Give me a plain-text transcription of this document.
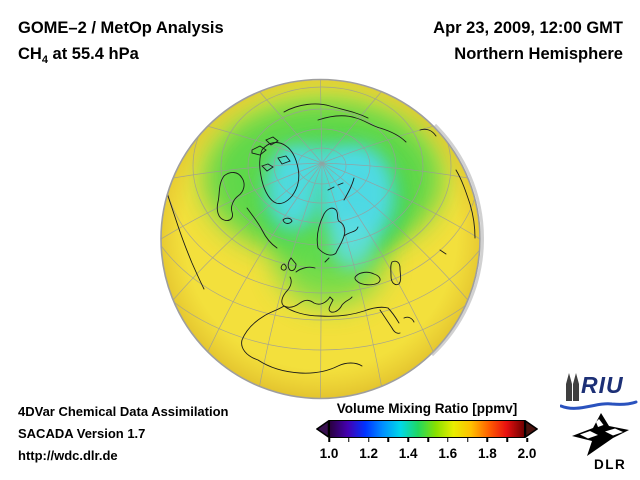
GOME–2 / MetOp Analysis
$CH_4$ at 55.4 hPa
Apr 23, 2009, 12:00 GMT
Northern Hemisphere
4DVar Chemical Data Assimilation
SACADA Version 1.7
http://wdc.dlr.de
Volume Mixing Ratio [ppmv]
1.0 1.2 1.4 1.6 1.8 2.0
RIU
DLR
